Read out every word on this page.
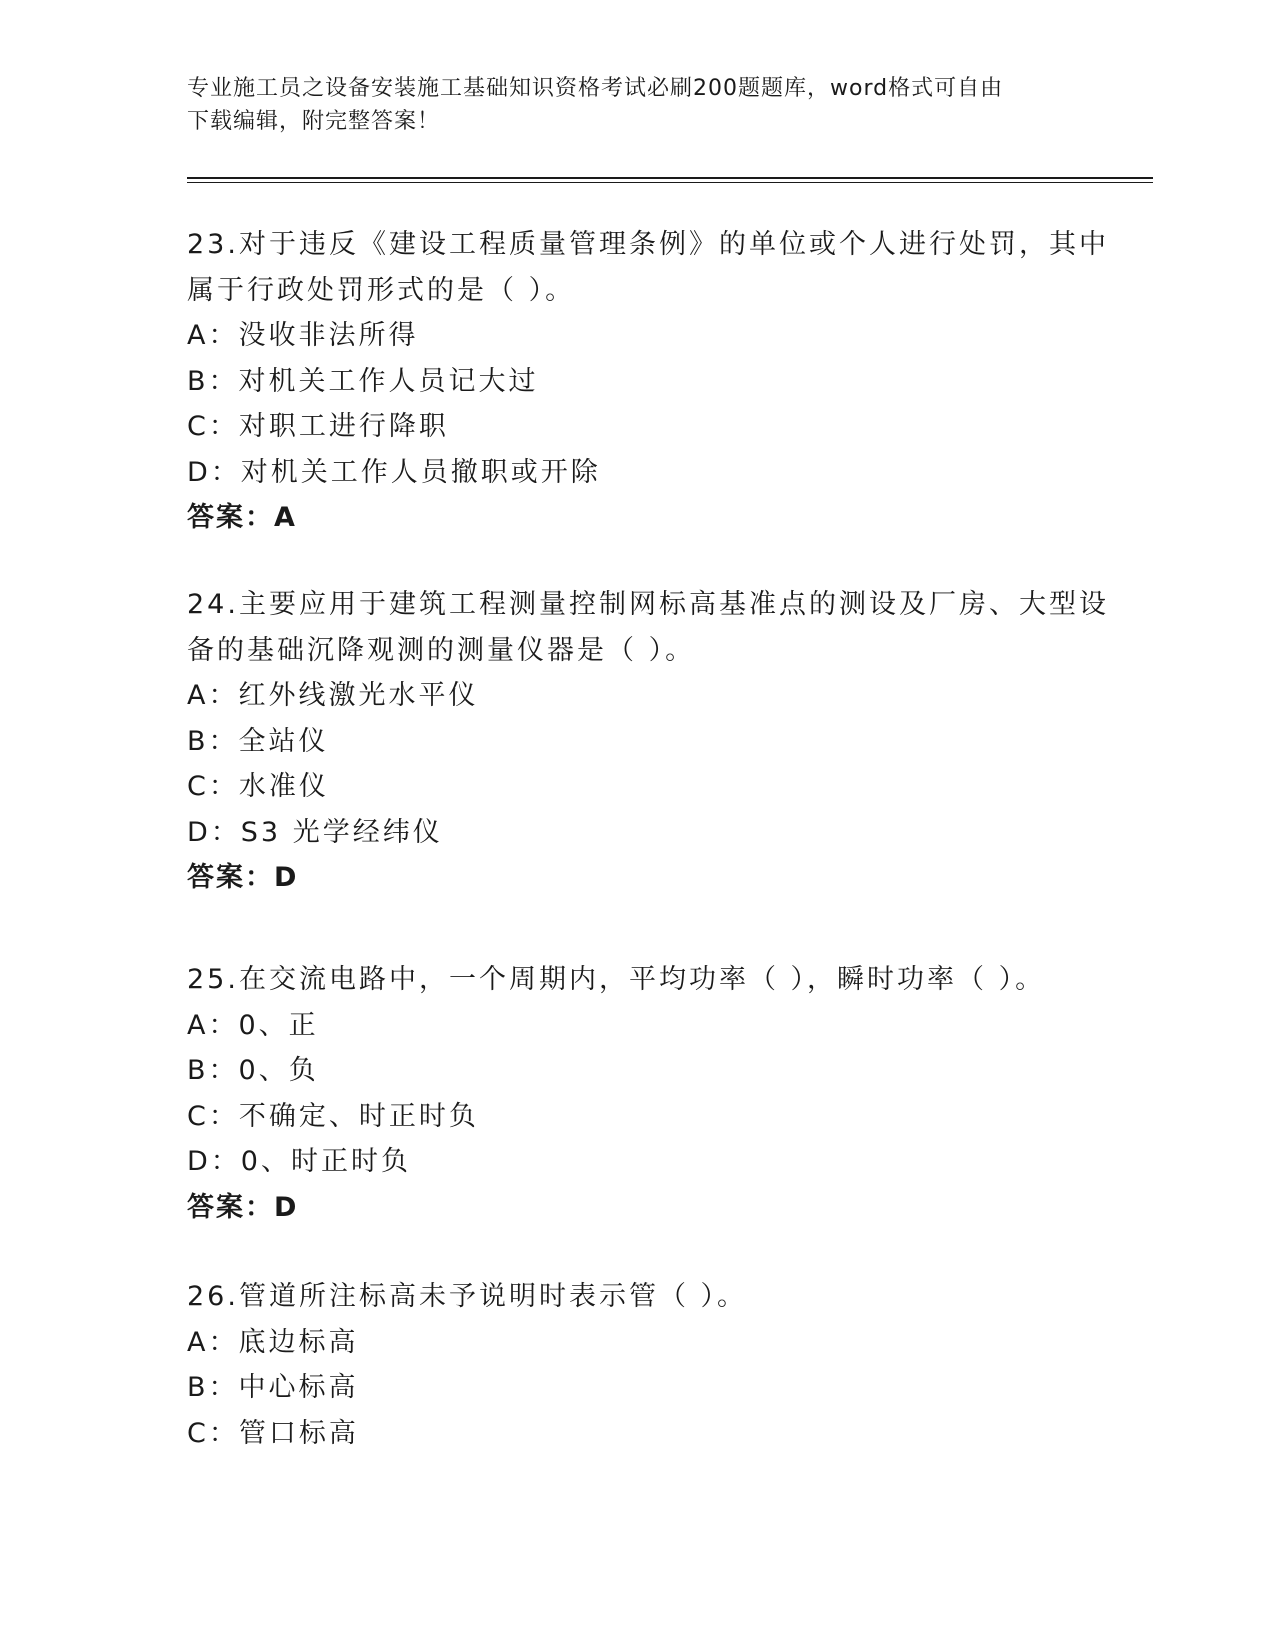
专业施工员之设备安装施工基础知识资格考试必刷200题题库，word格式可自由
下载编辑，附完整答案！
23.对于违反《建设工程质量管理条例》的单位或个人进行处罚，其中
属于行政处罚形式的是（ ）。
A：没收非法所得
B：对机关工作人员记大过
C：对职工进行降职
D：对机关工作人员撤职或开除
答案：A
24.主要应用于建筑工程测量控制网标高基准点的测设及厂房、大型设
备的基础沉降观测的测量仪器是（ ）。
A：红外线激光水平仪
B：全站仪
C：水准仪
D：S3 光学经纬仪
答案：D
25.在交流电路中，一个周期内，平均功率（ ），瞬时功率（ ）。
A：0、正
B：0、负
C：不确定、时正时负
D：0、时正时负
答案：D
26.管道所注标高未予说明时表示管（ ）。
A：底边标高
B：中心标高
C：管口标高
